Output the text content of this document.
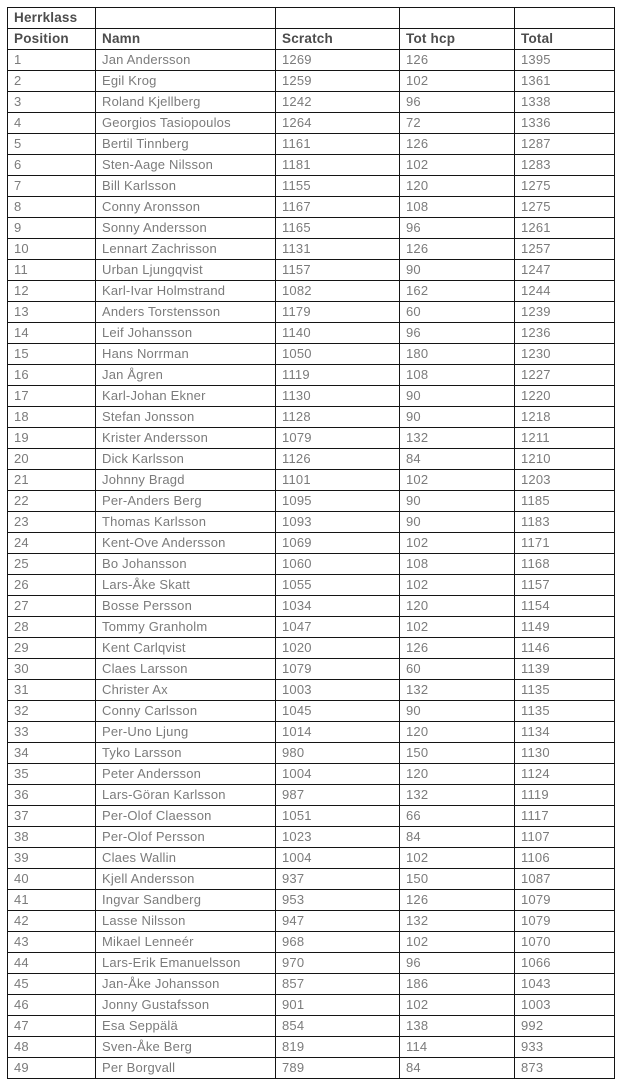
Herrklass				
Position	Namn	Scratch	Tot hcp	Total
1	Jan Andersson	1269	126	1395
2	Egil Krog	1259	102	1361
3	Roland Kjellberg	1242	96	1338
4	Georgios Tasiopoulos	1264	72	1336
5	Bertil Tinnberg	1161	126	1287
6	Sten-Aage Nilsson	1181	102	1283
7	Bill Karlsson	1155	120	1275
8	Conny Aronsson	1167	108	1275
9	Sonny Andersson	1165	96	1261
10	Lennart Zachrisson	1131	126	1257
11	Urban Ljungqvist	1157	90	1247
12	Karl-Ivar Holmstrand	1082	162	1244
13	Anders Torstensson	1179	60	1239
14	Leif Johansson	1140	96	1236
15	Hans Norrman	1050	180	1230
16	Jan Ågren	1119	108	1227
17	Karl-Johan Ekner	1130	90	1220
18	Stefan Jonsson	1128	90	1218
19	Krister Andersson	1079	132	1211
20	Dick Karlsson	1126	84	1210
21	Johnny Bragd	1101	102	1203
22	Per-Anders Berg	1095	90	1185
23	Thomas Karlsson	1093	90	1183
24	Kent-Ove Andersson	1069	102	1171
25	Bo Johansson	1060	108	1168
26	Lars-Åke Skatt	1055	102	1157
27	Bosse Persson	1034	120	1154
28	Tommy Granholm	1047	102	1149
29	Kent Carlqvist	1020	126	1146
30	Claes Larsson	1079	60	1139
31	Christer Ax	1003	132	1135
32	Conny Carlsson	1045	90	1135
33	Per-Uno Ljung	1014	120	1134
34	Tyko Larsson	980	150	1130
35	Peter Andersson	1004	120	1124
36	Lars-Göran Karlsson	987	132	1119
37	Per-Olof Claesson	1051	66	1117
38	Per-Olof Persson	1023	84	1107
39	Claes Wallin	1004	102	1106
40	Kjell Andersson	937	150	1087
41	Ingvar Sandberg	953	126	1079
42	Lasse Nilsson	947	132	1079
43	Mikael Lenneér	968	102	1070
44	Lars-Erik Emanuelsson	970	96	1066
45	Jan-Åke Johansson	857	186	1043
46	Jonny Gustafsson	901	102	1003
47	Esa Seppälä	854	138	992
48	Sven-Åke Berg	819	114	933
49	Per Borgvall	789	84	873
